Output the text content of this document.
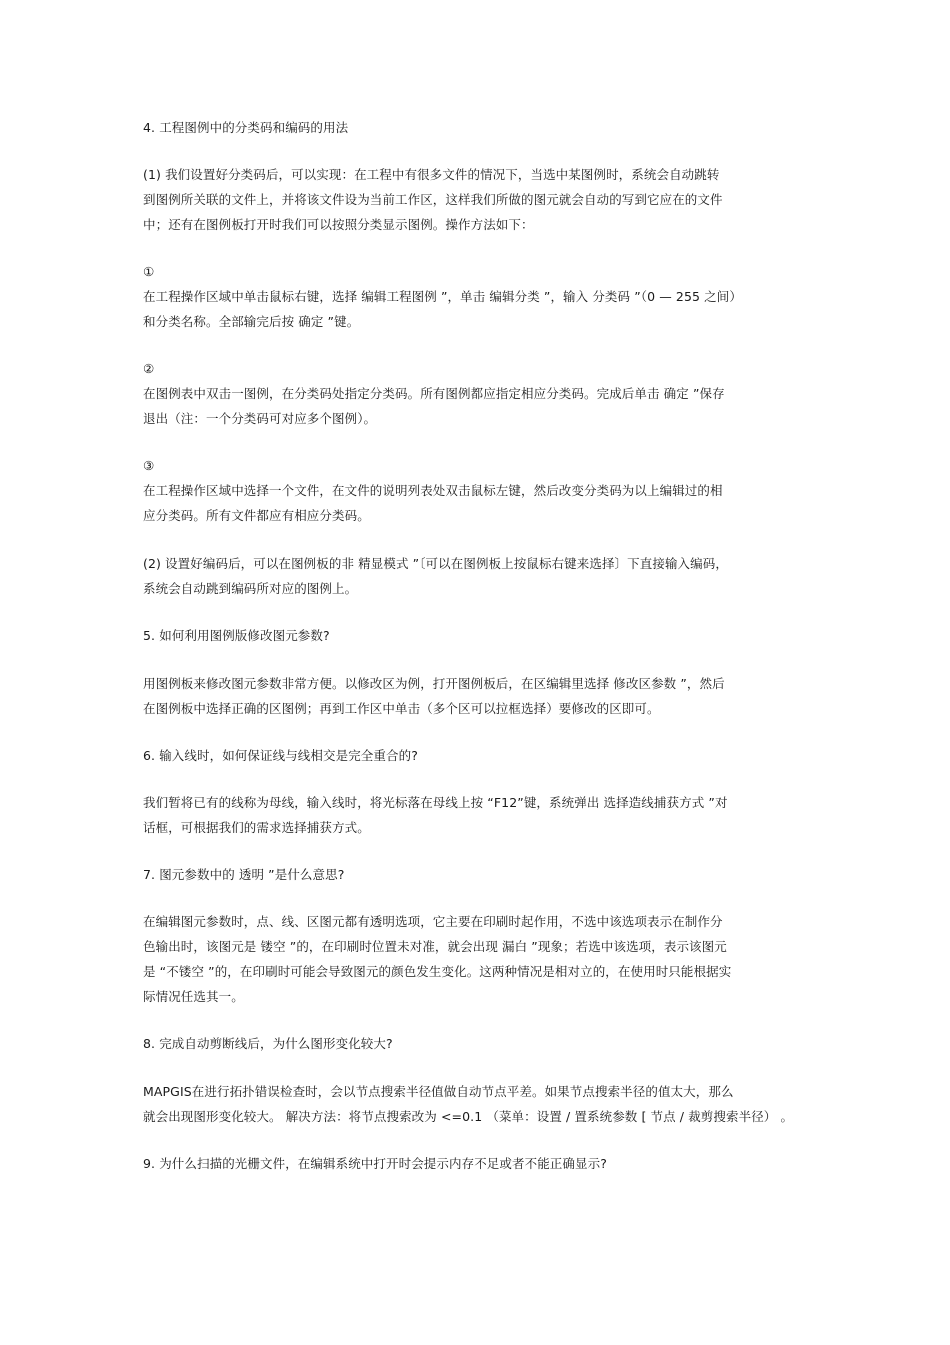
4. 工程图例中的分类码和编码的用法
(1) 我们设置好分类码后，可以实现：在工程中有很多文件的情况下，当选中某图例时，系统会自动跳转
到图例所关联的文件上，并将该文件设为当前工作区，这样我们所做的图元就会自动的写到它应在的文件
中；还有在图例板打开时我们可以按照分类显示图例。操作方法如下：
①
在工程操作区域中单击鼠标右键，选择 编辑工程图例 ”，单击 编辑分类 ”，输入 分类码 ”（0 — 255 之间）
和分类名称。全部输完后按 确定 ”键。
②
在图例表中双击一图例，在分类码处指定分类码。所有图例都应指定相应分类码。完成后单击 确定 ”保存
退出（注：一个分类码可对应多个图例）。
③
在工程操作区域中选择一个文件，在文件的说明列表处双击鼠标左键，然后改变分类码为以上编辑过的相
应分类码。所有文件都应有相应分类码。
(2) 设置好编码后，可以在图例板的非 精显模式 ”〔可以在图例板上按鼠标右键来选择〕下直接输入编码，
系统会自动跳到编码所对应的图例上。
5. 如何利用图例版修改图元参数?
用图例板来修改图元参数非常方便。以修改区为例，打开图例板后，在区编辑里选择 修改区参数 ”，然后
在图例板中选择正确的区图例；再到工作区中单击（多个区可以拉框选择）要修改的区即可。
6. 输入线时，如何保证线与线相交是完全重合的?
我们暂将已有的线称为母线，输入线时，将光标落在母线上按 “F12”键，系统弹出 选择造线捕获方式 ”对
话框，可根据我们的需求选择捕获方式。
7. 图元参数中的 透明 ”是什么意思?
在编辑图元参数时，点、线、区图元都有透明选项，它主要在印刷时起作用，不选中该选项表示在制作分
色输出时，该图元是 镂空 ”的，在印刷时位置未对准，就会出现 漏白 ”现象；若选中该选项，表示该图元
是 “不镂空 ”的，在印刷时可能会导致图元的颜色发生变化。这两种情况是相对立的，在使用时只能根据实
际情况任选其一。
8. 完成自动剪断线后，为什么图形变化较大?
MAPGIS在进行拓扑错误检查时，会以节点搜索半径值做自动节点平差。如果节点搜索半径的值太大，那么
就会出现图形变化较大。 解决方法：将节点搜索改为 <=0.1 （菜单：设置 / 置系统参数 [ 节点 / 裁剪搜索半径） 。
9. 为什么扫描的光栅文件，在编辑系统中打开时会提示内存不足或者不能正确显示?
